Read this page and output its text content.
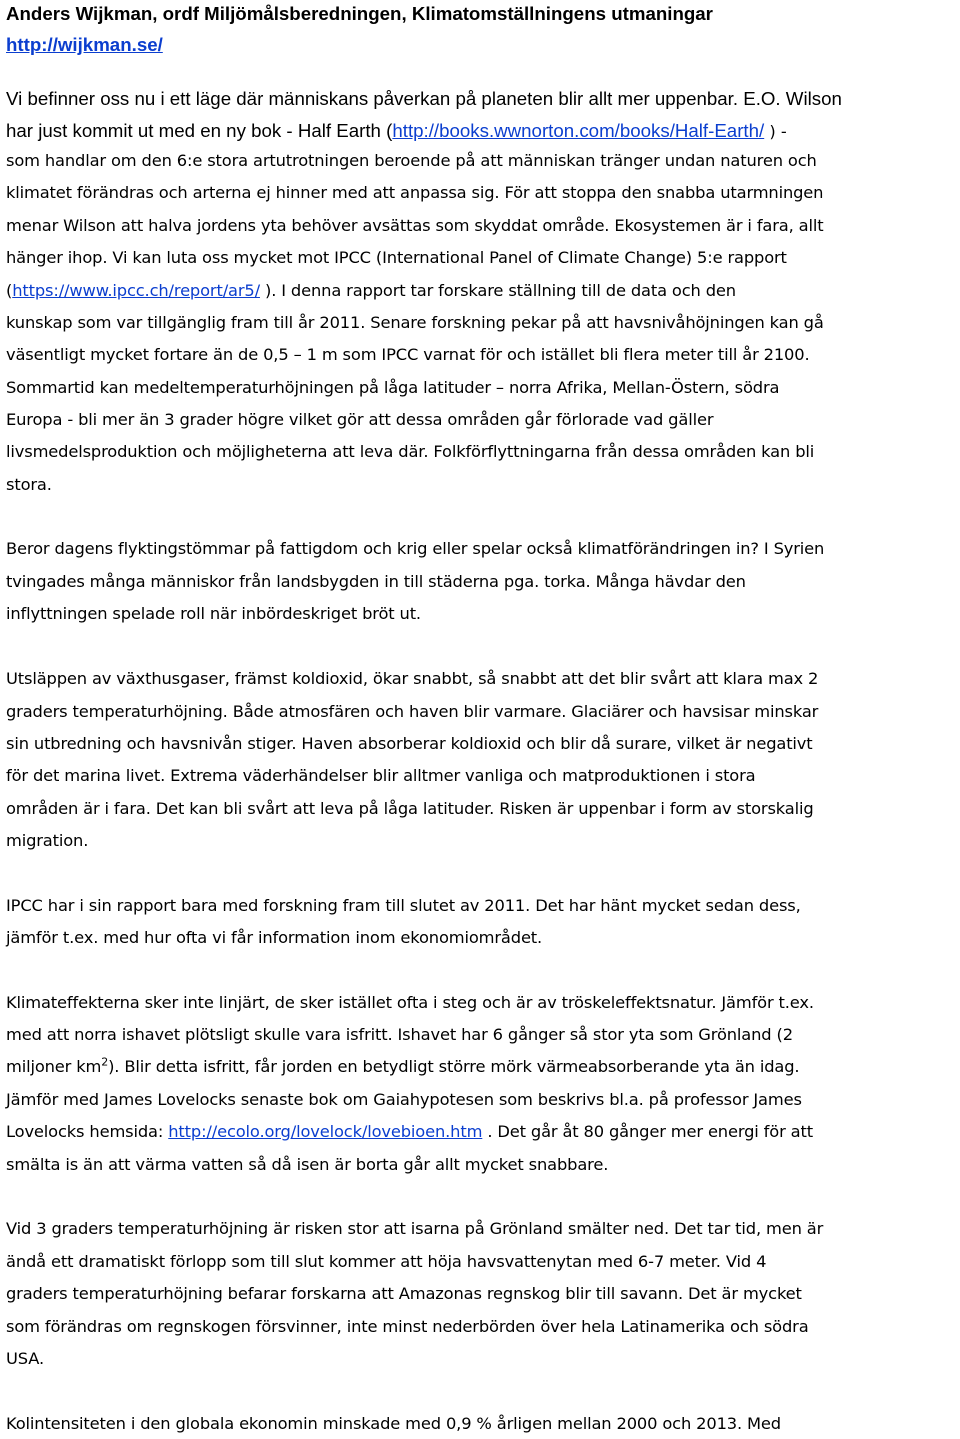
Anders Wijkman, ordf Miljömålsberedningen, Klimatomställningens utmaningar
http://wijkman.se/
Vi befinner oss nu i ett läge där människans påverkan på planeten blir allt mer uppenbar. E.O. Wilson
har just kommit ut med en ny bok - Half Earth (http://books.wwnorton.com/books/Half-Earth/ ) -
som handlar om den 6:e stora artutrotningen beroende på att människan tränger undan naturen och
klimatet förändras och arterna ej hinner med att anpassa sig. För att stoppa den snabba utarmningen
menar Wilson att halva jordens yta behöver avsättas som skyddat område. Ekosystemen är i fara, allt
hänger ihop. Vi kan luta oss mycket mot IPCC (International Panel of Climate Change) 5:e rapport
(https://www.ipcc.ch/report/ar5/ ). I denna rapport tar forskare ställning till de data och den
kunskap som var tillgänglig fram till år 2011. Senare forskning pekar på att havsnivåhöjningen kan gå
väsentligt mycket fortare än de 0,5 – 1 m som IPCC varnat för och istället bli flera meter till år 2100.
Sommartid kan medeltemperaturhöjningen på låga latituder – norra Afrika, Mellan-Östern, södra
Europa - bli mer än 3 grader högre vilket gör att dessa områden går förlorade vad gäller
livsmedelsproduktion och möjligheterna att leva där. Folkförflyttningarna från dessa områden kan bli
stora.
Beror dagens flyktingstömmar på fattigdom och krig eller spelar också klimatförändringen in? I Syrien
tvingades många människor från landsbygden in till städerna pga. torka. Många hävdar den
inflyttningen spelade roll när inbördeskriget bröt ut.
Utsläppen av växthusgaser, främst koldioxid, ökar snabbt, så snabbt att det blir svårt att klara max 2
graders temperaturhöjning. Både atmosfären och haven blir varmare. Glaciärer och havsisar minskar
sin utbredning och havsnivån stiger. Haven absorberar koldioxid och blir då surare, vilket är negativt
för det marina livet. Extrema väderhändelser blir alltmer vanliga och matproduktionen i stora
områden är i fara. Det kan bli svårt att leva på låga latituder. Risken är uppenbar i form av storskalig
migration.
IPCC har i sin rapport bara med forskning fram till slutet av 2011. Det har hänt mycket sedan dess,
jämför t.ex. med hur ofta vi får information inom ekonomiområdet.
Klimateffekterna sker inte linjärt, de sker istället ofta i steg och är av tröskeleffektsnatur. Jämför t.ex.
med att norra ishavet plötsligt skulle vara isfritt. Ishavet har 6 gånger så stor yta som Grönland (2
miljoner $km^2$). Blir detta isfritt, får jorden en betydligt större mörk värmeabsorberande yta än idag.
Jämför med James Lovelocks senaste bok om Gaiahypotesen som beskrivs bl.a. på professor James
Lovelocks hemsida: http://ecolo.org/lovelock/lovebioen.htm . Det går åt 80 gånger mer energi för att
smälta is än att värma vatten så då isen är borta går allt mycket snabbare.
Vid 3 graders temperaturhöjning är risken stor att isarna på Grönland smälter ned. Det tar tid, men är
ändå ett dramatiskt förlopp som till slut kommer att höja havsvattenytan med 6-7 meter. Vid 4
graders temperaturhöjning befarar forskarna att Amazonas regnskog blir till savann. Det är mycket
som förändras om regnskogen försvinner, inte minst nederbörden över hela Latinamerika och södra
USA.
Kolintensiteten i den globala ekonomin minskade med 0,9 % årligen mellan 2000 och 2013. Med
